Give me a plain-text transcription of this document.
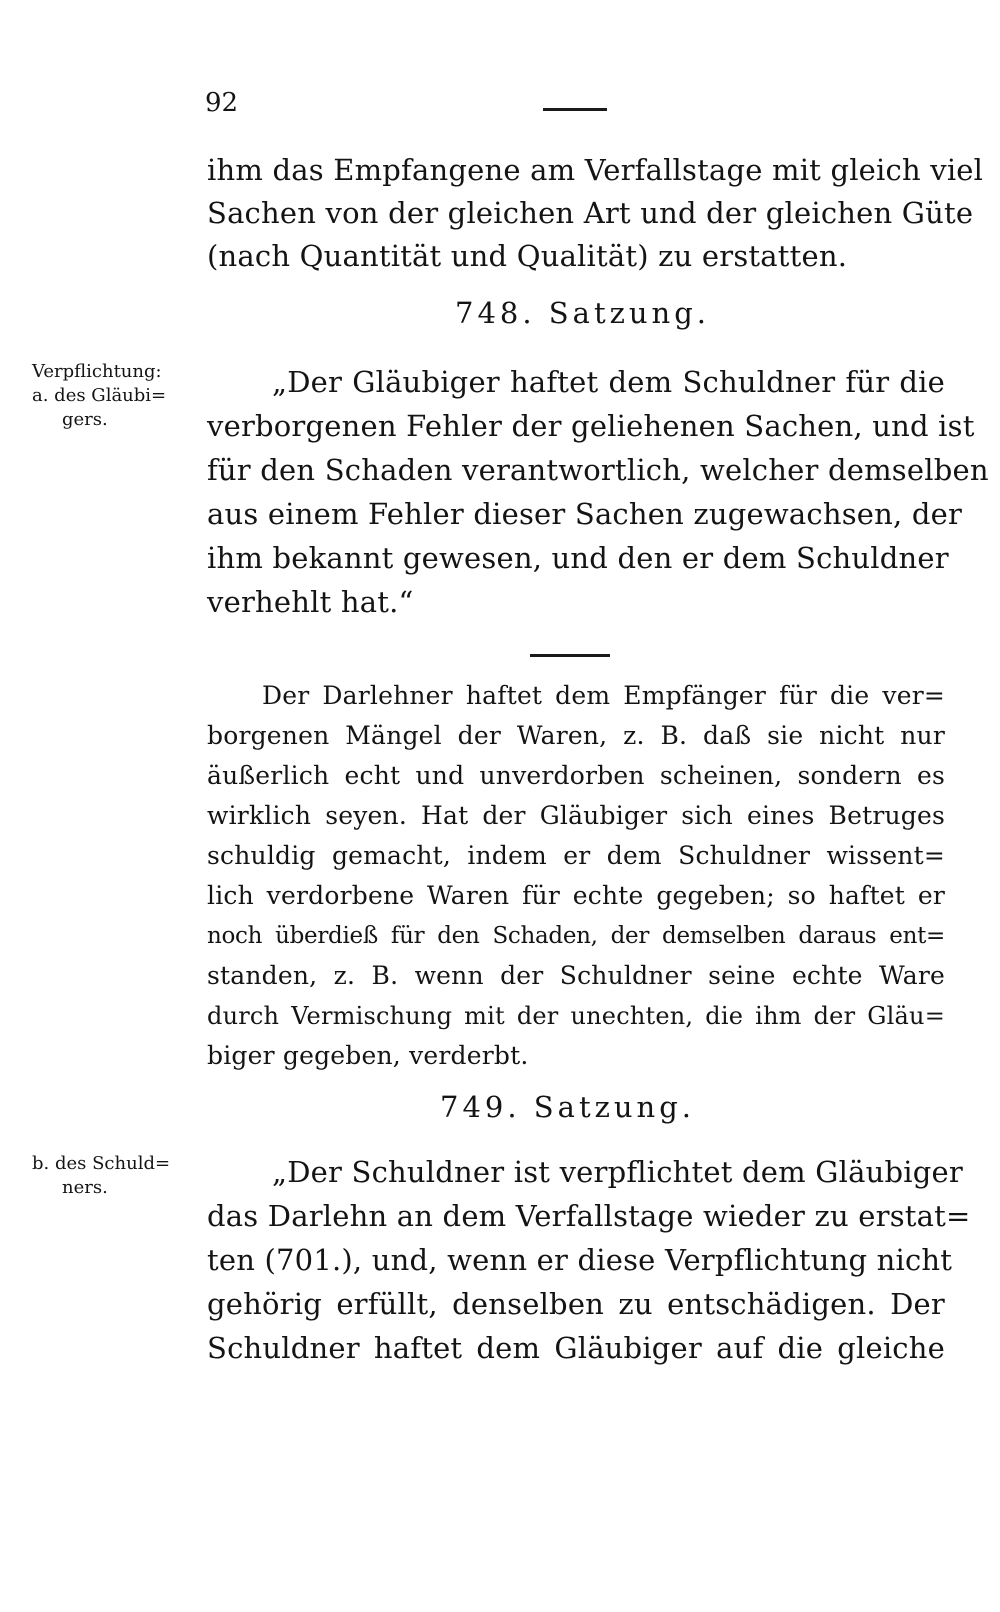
92
ihm das Empfangene am Verfallstage mit gleich viel
Sachen von der gleichen Art und der gleichen Güte
(nach Quantität und Qualität) zu erstatten.
748. Satzung.
Verpflichtung:
a. des Gläubi=
gers.
„Der Gläubiger haftet dem Schuldner für die
verborgenen Fehler der geliehenen Sachen, und ist
für den Schaden verantwortlich, welcher demselben
aus einem Fehler dieser Sachen zugewachsen, der
ihm bekannt gewesen, und den er dem Schuldner
verhehlt hat.“
Der Darlehner haftet dem Empfänger für die ver=
borgenen Mängel der Waren, z. B. daß sie nicht nur
äußerlich echt und unverdorben scheinen, sondern es
wirklich seyen. Hat der Gläubiger sich eines Betruges
schuldig gemacht, indem er dem Schuldner wissent=
lich verdorbene Waren für echte gegeben; so haftet er
noch überdieß für den Schaden, der demselben daraus ent=
standen, z. B. wenn der Schuldner seine echte Ware
durch Vermischung mit der unechten, die ihm der Gläu=
biger gegeben, verderbt.
749. Satzung.
b. des Schuld=
ners.	„Der Schuldner ist verpflichtet dem Gläubiger
das Darlehn an dem Verfallstage wieder zu erstat=
ten (701.), und, wenn er diese Verpflichtung nicht
gehörig erfüllt, denselben zu entschädigen. Der
Schuldner haftet dem Gläubiger auf die gleiche
